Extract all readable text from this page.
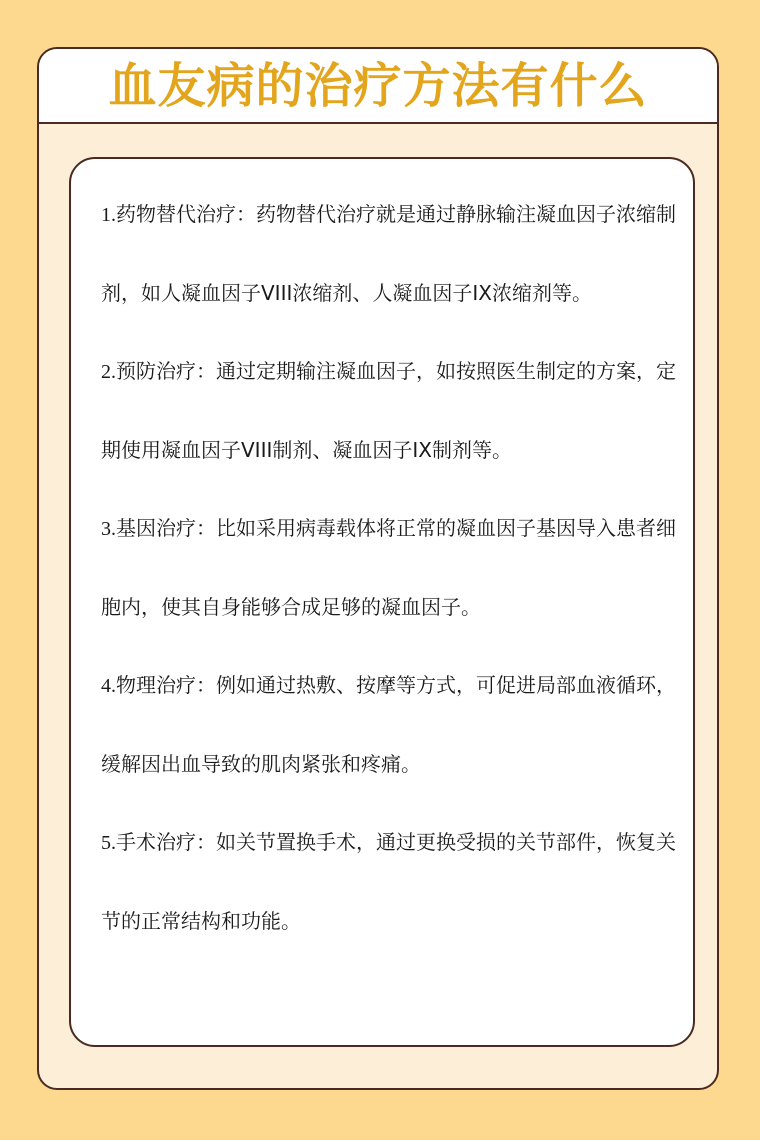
血友病的治疗方法有什么

1.药物替代治疗：药物替代治疗就是通过静脉输注凝血因子浓缩制剂，如人凝血因子VIII浓缩剂、人凝血因子IX浓缩剂等。

2.预防治疗：通过定期输注凝血因子，如按照医生制定的方案，定期使用凝血因子VIII制剂、凝血因子IX制剂等。

3.基因治疗：比如采用病毒载体将正常的凝血因子基因导入患者细胞内，使其自身能够合成足够的凝血因子。

4.物理治疗：例如通过热敷、按摩等方式，可促进局部血液循环，缓解因出血导致的肌肉紧张和疼痛。

5.手术治疗：如关节置换手术，通过更换受损的关节部件，恢复关节的正常结构和功能。
